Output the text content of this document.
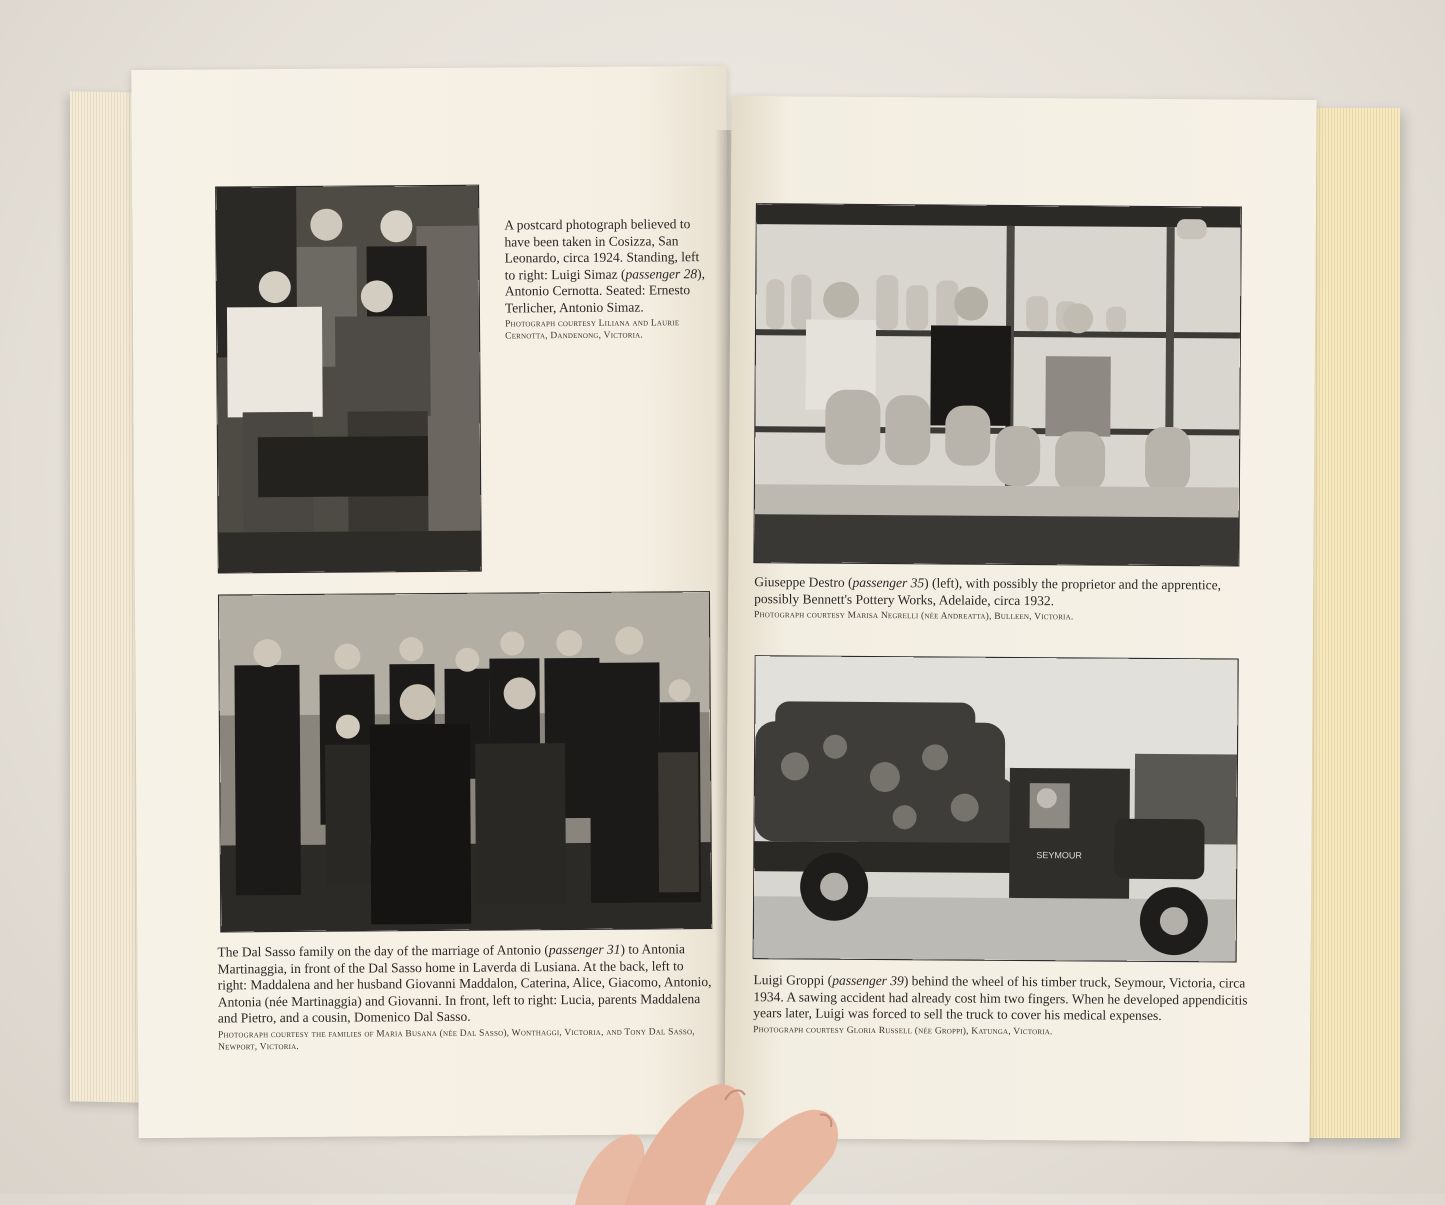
A postcard photograph believed to have been taken in Cosizza, San Leonardo, circa 1924. Standing, left to right: Luigi Simaz (passenger 28), Antonio Cernotta. Seated: Ernesto Terlicher, Antonio Simaz.
Photograph courtesy Liliana and Laurie Cernotta, Dandenong, Victoria.
The Dal Sasso family on the day of the marriage of Antonio (passenger 31) to Antonia Martinaggia, in front of the Dal Sasso home in Laverda di Lusiana. At the back, left to right: Maddalena and her husband Giovanni Maddalon, Caterina, Alice, Giacomo, Antonio, Antonia (née Martinaggia) and Giovanni. In front, left to right: Lucia, parents Maddalena and Pietro, and a cousin, Domenico Dal Sasso.
Photograph courtesy the families of Maria Busana (née Dal Sasso), Wonthaggi, Victoria, and Tony Dal Sasso, Newport, Victoria.
Giuseppe Destro (passenger 35) (left), with possibly the proprietor and the apprentice, possibly Bennett's Pottery Works, Adelaide, circa 1932.
Photograph courtesy Marisa Negrelli (née Andreatta), Bulleen, Victoria.
SEYMOUR
Luigi Groppi (passenger 39) behind the wheel of his timber truck, Seymour, Victoria, circa 1934. A sawing accident had already cost him two fingers. When he developed appendicitis years later, Luigi was forced to sell the truck to cover his medical expenses.
Photograph courtesy Gloria Russell (née Groppi), Katunga, Victoria.
